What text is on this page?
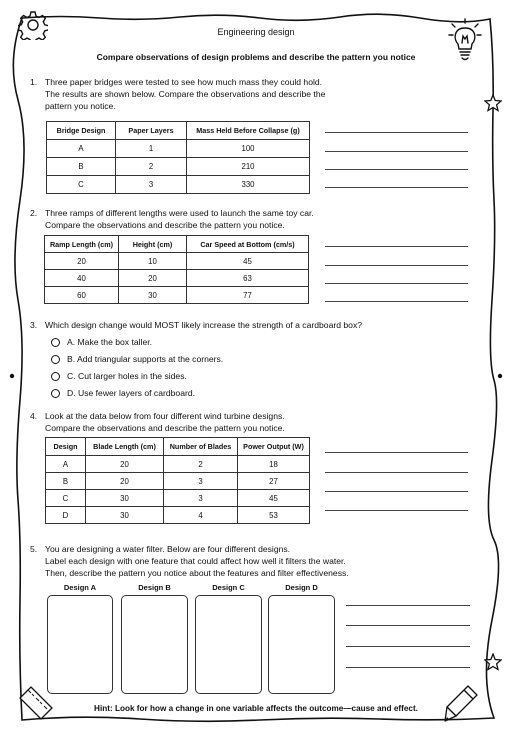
Engineering design
Compare observations of design problems and describe the pattern you notice
1. Three paper bridges were tested to see how much mass they could hold.
The results are shown below. Compare the observations and describe the
pattern you notice.
Bridge Design	Paper Layers	Mass Held Before Collapse (g)
A	1	100
B	2	210
C	3	330
2. Three ramps of different lengths were used to launch the same toy car.
Compare the observations and describe the pattern you notice.
Ramp Length (cm)	Height (cm)	Car Speed at Bottom (cm/s)
20	10	45
40	20	63
60	30	77
3. Which design change would MOST likely increase the strength of a cardboard box?
A. Make the box taller.
B. Add triangular supports at the corners.
C. Cut larger holes in the sides.
D. Use fewer layers of cardboard.
4. Look at the data below from four different wind turbine designs.
Compare the observations and describe the pattern you notice.
Design	Blade Length (cm)	Number of Blades	Power Output (W)
A	20	2	18
B	20	3	27
C	30	3	45
D	30	4	53
5. You are designing a water filter. Below are four different designs.
Label each design with one feature that could affect how well it filters the water.
Then, describe the pattern you notice about the features and filter effectiveness.
Design A	Design B	Design C	Design D
Hint: Look for how a change in one variable affects the outcome—cause and effect.
